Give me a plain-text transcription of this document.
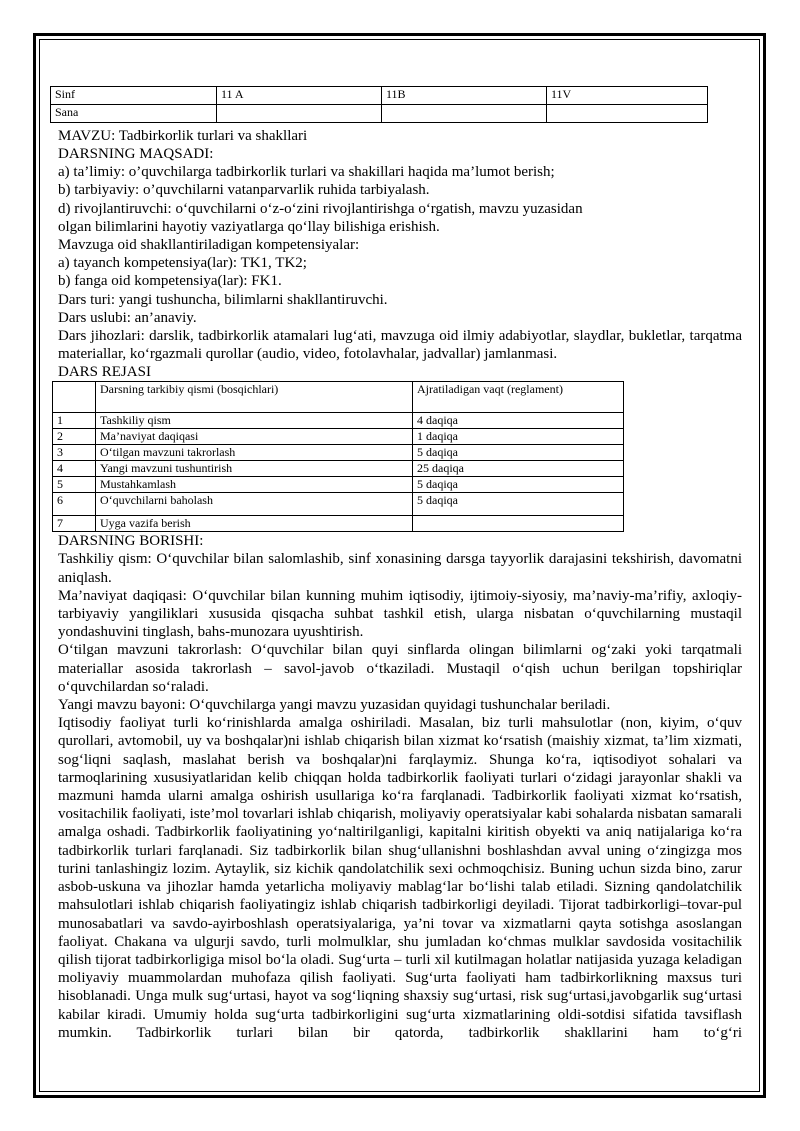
Sinf	11 A	11B	11V
Sana			

MAVZU: Tadbirkorlik turlari va shakllari

DARSNING MAQSADI:

a) ta’limiy: o’quvchilarga tadbirkorlik turlari va shakillari haqida ma’lumot berish;

b) tarbiyaviy: o’quvchilarni vatanparvarlik ruhida tarbiyalash.

d) rivojlantiruvchi: o‘quvchilarni o‘z-o‘zini rivojlantirishga o‘rgatish, mavzu yuzasidan

olgan bilimlarini hayotiy vaziyatlarga qo‘llay bilishiga erishish.

Mavzuga oid shakllantiriladigan kompetensiyalar:

a) tayanch kompetensiya(lar): TK1, TK2;

b) fanga oid kompetensiya(lar): FK1.

Dars turi: yangi tushuncha, bilimlarni shakllantiruvchi.

Dars uslubi: an’anaviy.

Dars jihozlari: darslik, tadbirkorlik atamalari lug‘ati, mavzuga oid ilmiy adabiyotlar, slaydlar, bukletlar, tarqatma materiallar, ko‘rgazmali qurollar (audio, video, fotolavhalar, jadvallar) jamlanmasi.

DARS REJASI

	Darsning tarkibiy qismi (bosqichlari)	Ajratiladigan vaqt (reglament)
1	Tashkiliy qism	4 daqiqa
2	Ma’naviyat daqiqasi	1 daqiqa
3	O‘tilgan mavzuni takrorlash	5 daqiqa
4	Yangi mavzuni tushuntirish	25 daqiqa
5	Mustahkamlash	5 daqiqa
6	O‘quvchilarni baholash	5 daqiqa
7	Uyga vazifa berish	

DARSNING BORISHI:

Tashkiliy qism: O‘quvchilar bilan salomlashib, sinf xonasining darsga tayyorlik darajasini tekshirish, davomatni aniqlash.

Ma’naviyat daqiqasi: O‘quvchilar bilan kunning muhim iqtisodiy, ijtimoiy-siyosiy, ma’naviy-ma’rifiy, axloqiy-tarbiyaviy yangiliklari xususida qisqacha suhbat tashkil etish, ularga nisbatan o‘quvchilarning mustaqil yondashuvini tinglash, bahs-munozara uyushtirish.

O‘tilgan mavzuni takrorlash: O‘quvchilar bilan quyi sinflarda olingan bilimlarni og‘zaki yoki tarqatmali materiallar asosida takrorlash – savol-javob o‘tkaziladi. Mustaqil o‘qish uchun berilgan topshiriqlar o‘quvchilardan so‘raladi.

Yangi mavzu bayoni: O‘quvchilarga yangi mavzu yuzasidan quyidagi tushunchalar beriladi.

Iqtisodiy faoliyat turli ko‘rinishlarda amalga oshiriladi. Masalan, biz turli mahsulotlar (non, kiyim, o‘quv qurollari, avtomobil, uy va boshqalar)ni ishlab chiqarish bilan xizmat ko‘rsatish (maishiy xizmat, ta’lim xizmati, sog‘liqni saqlash, maslahat berish va boshqalar)ni farqlaymiz. Shunga ko‘ra, iqtisodiyot sohalari va tarmoqlarining xususiyatlaridan kelib chiqqan holda tadbirkorlik faoliyati turlari o‘zidagi jarayonlar shakli va mazmuni hamda ularni amalga oshirish usullariga ko‘ra farqlanadi. Tadbirkorlik faoliyati xizmat ko‘rsatish, vositachilik faoliyati, iste’mol tovarlari ishlab chiqarish, moliyaviy operatsiyalar kabi sohalarda nisbatan samarali amalga oshadi. Tadbirkorlik faoliyatining yo‘naltirilganligi, kapitalni kiritish obyekti va aniq natijalariga ko‘ra tadbirkorlik turlari farqlanadi. Siz tadbirkorlik bilan shug‘ullanishni boshlashdan avval uning o‘zingizga mos turini tanlashingiz lozim. Aytaylik, siz kichik qandolatchilik sexi ochmoqchisiz. Buning uchun sizda bino, zarur asbob-uskuna va jihozlar hamda yetarlicha moliyaviy mablag‘lar bo‘lishi talab etiladi. Sizning qandolatchilik mahsulotlari ishlab chiqarish faoliyatingiz ishlab chiqarish tadbirkorligi deyiladi. Tijorat tadbirkorligi–tovar-pul munosabatlari va savdo-ayirboshlash operatsiyalariga, ya’ni tovar va xizmatlarni qayta sotishga asoslangan faoliyat. Chakana va ulgurji savdo, turli molmulklar, shu jumladan ko‘chmas mulklar savdosida vositachilik qilish tijorat tadbirkorligiga misol bo‘la oladi. Sug‘urta – turli xil kutilmagan holatlar natijasida yuzaga keladigan moliyaviy muammolardan muhofaza qilish faoliyati. Sug‘urta faoliyati ham tadbirkorlikning maxsus turi hisoblanadi. Unga mulk sug‘urtasi, hayot va sog‘liqning shaxsiy sug‘urtasi, risk sug‘urtasi,javobgarlik sug‘urtasi kabilar kiradi. Umumiy holda sug‘urta tadbirkorligini sug‘urta xizmatlarining oldi-sotdisi sifatida tavsiflash mumkin. Tadbirkorlik turlari bilan bir qatorda, tadbirkorlik shakllarini ham to‘g‘ri
